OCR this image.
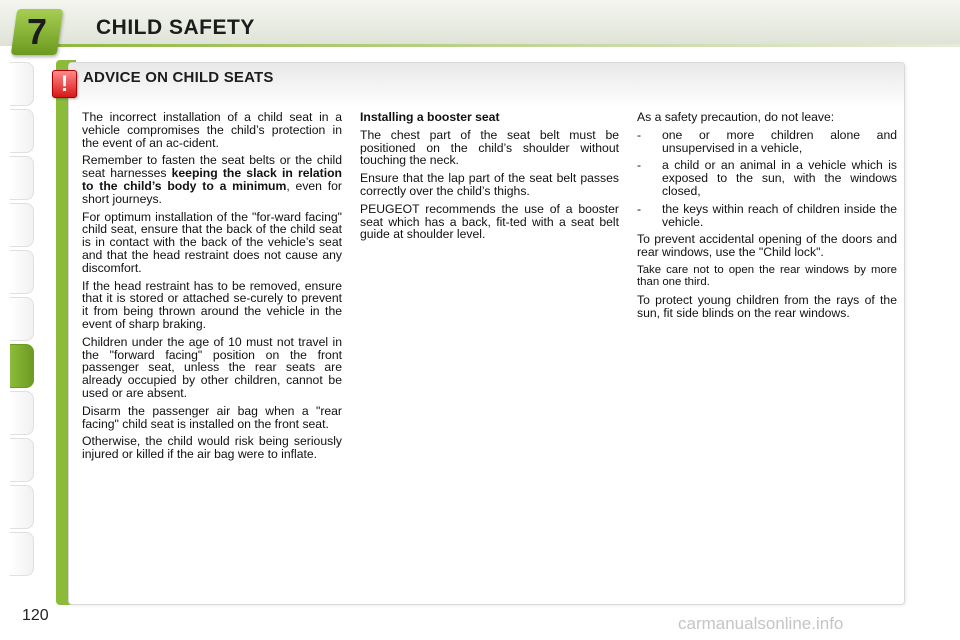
7	CHILD SAFETY
ADVICE ON CHILD SEATS
!

The incorrect installation of a child seat in a vehicle compromises the child’s protection in the event of an ac-cident.

Remember to fasten the seat belts or the child seat harnesses keeping the slack in relation to the child’s body to a minimum, even for short journeys.

For optimum installation of the "for-ward facing" child seat, ensure that the back of the child seat is in contact with the back of the vehicle’s seat and that the head restraint does not cause any discomfort.

If the head restraint has to be removed, ensure that it is stored or attached se-curely to prevent it from being thrown around the vehicle in the event of sharp braking.

Children under the age of 10 must not travel in the "forward facing" position on the front passenger seat, unless the rear seats are already occupied by other children, cannot be used or are absent.

Disarm the passenger air bag when a "rear facing" child seat is installed on the front seat.

Otherwise, the child would risk being seriously injured or killed if the air bag were to inflate.

Installing a booster seat

The chest part of the seat belt must be positioned on the child’s shoulder without touching the neck.

Ensure that the lap part of the seat belt passes correctly over the child’s thighs.

PEUGEOT recommends the use of a booster seat which has a back, fit-ted with a seat belt guide at shoulder level.

As a safety precaution, do not leave:

-	one or more children alone and unsupervised in a vehicle,
-	a child or an animal in a vehicle which is exposed to the sun, with the windows closed,
-	the keys within reach of children inside the vehicle.

To prevent accidental opening of the doors and rear windows, use the "Child lock".

Take care not to open the rear windows by more than one third.

To protect young children from the rays of the sun, fit side blinds on the rear windows.

120	carmanualsonline.info
